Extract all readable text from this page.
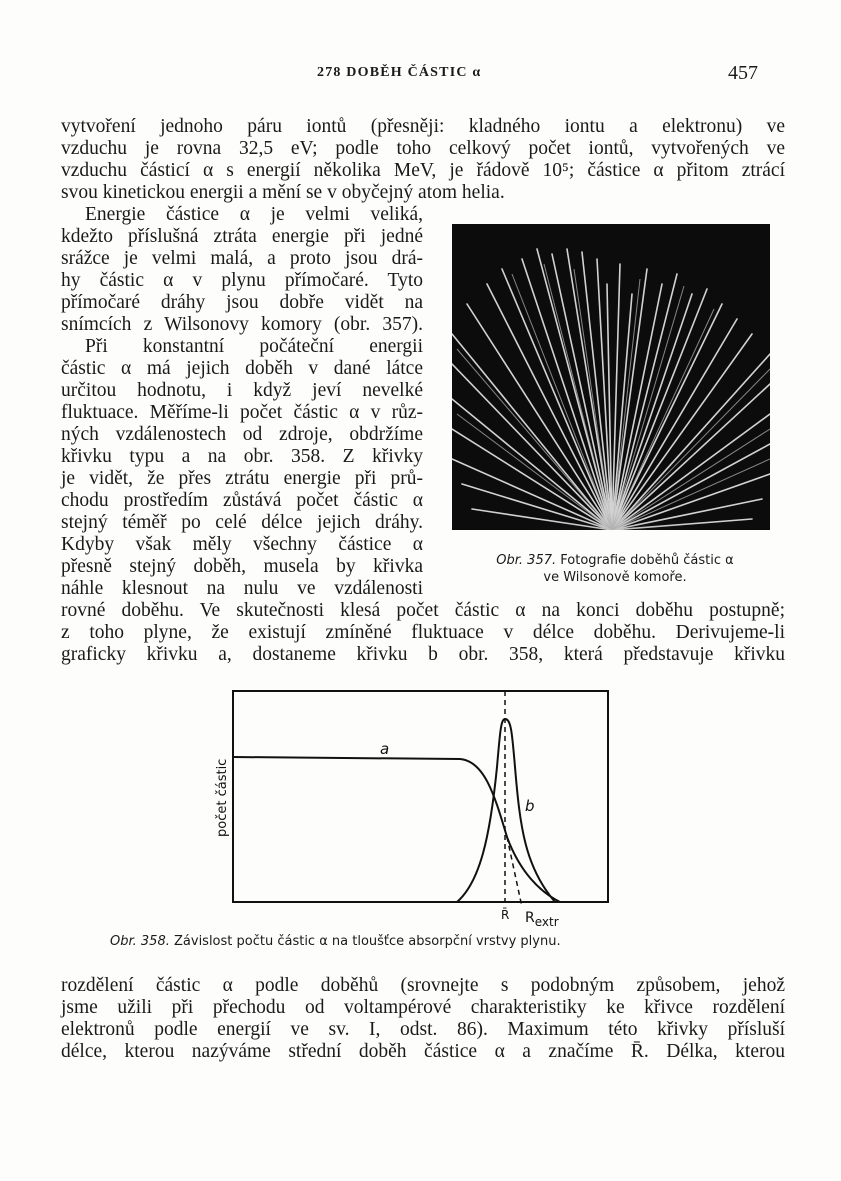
278 DOBĚH ČÁSTIC α	457
vytvoření jednoho páru iontů (přesněji: kladného iontu a elektronu) ve
vzduchu je rovna 32,5 eV; podle toho celkový počet iontů, vytvořených ve
vzduchu částicí α s energií několika MeV, je řádově 10⁵; částice α přitom ztrácí
svou kinetickou energii a mění se v obyčejný atom helia.
Energie částice α je velmi veliká,
kdežto příslušná ztráta energie při jedné
srážce je velmi malá, a proto jsou drá-
hy částic α v plynu přímočaré. Tyto
přímočaré dráhy jsou dobře vidět na
snímcích z Wilsonovy komory (obr. 357).
Při konstantní počáteční energii
částic α má jejich doběh v dané látce
určitou hodnotu, i když jeví nevelké
fluktuace. Měříme-li počet částic α v růz-
ných vzdálenostech od zdroje, obdržíme
křivku typu a na obr. 358. Z křivky
je vidět, že přes ztrátu energie při prů-
chodu prostředím zůstává počet částic α
stejný téměř po celé délce jejich dráhy.
Kdyby však měly všechny částice α
přesně stejný doběh, musela by křivka
náhle klesnout na nulu ve vzdálenosti
rovné doběhu. Ve skutečnosti klesá počet částic α na konci doběhu postupně;
z toho plyne, že existují zmíněné fluktuace v délce doběhu. Derivujeme-li
graficky křivku a, dostaneme křivku b obr. 358, která představuje křivku
Obr. 357. Fotografie doběhů částic α
ve Wilsonově komoře.
a
b
R̄ Rextr
počet částic
Obr. 358. Závislost počtu částic α na tloušťce absorpční vrstvy plynu.
rozdělení částic α podle doběhů (srovnejte s podobným způsobem, jehož
jsme užili při přechodu od voltampérové charakteristiky ke křivce rozdělení
elektronů podle energií ve sv. I, odst. 86). Maximum této křivky přísluší
délce, kterou nazýváme střední doběh částice α a značíme R̄. Délka, kterou
